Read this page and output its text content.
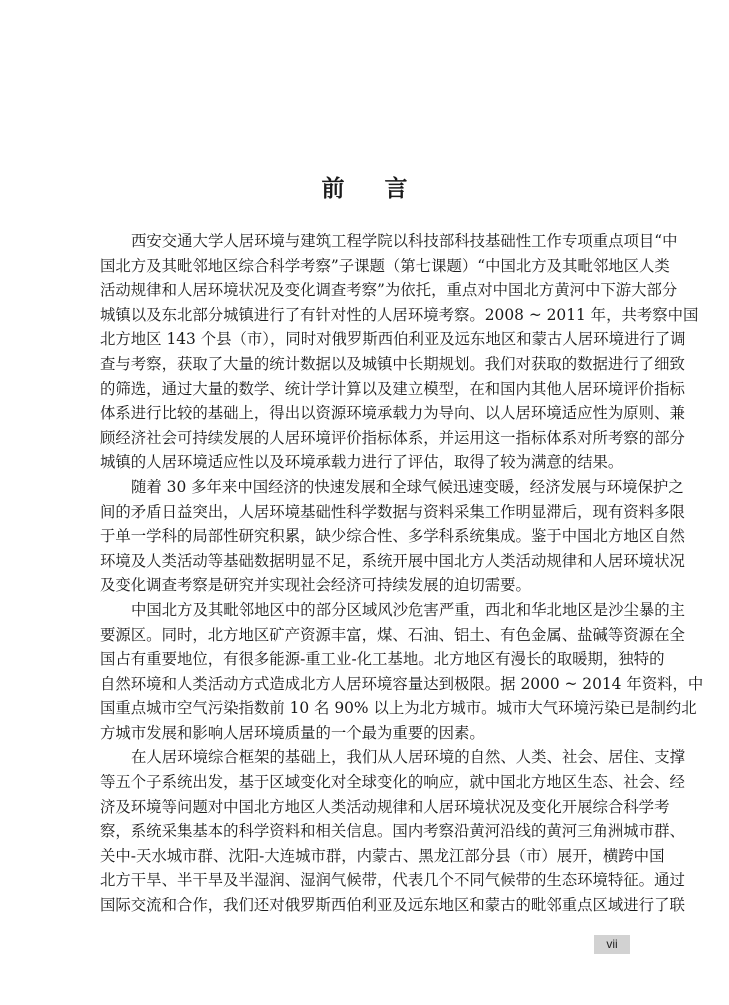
前言
西安交通大学人居环境与建筑工程学院以科技部科技基础性工作专项重点项目“中
国北方及其毗邻地区综合科学考察”子课题（第七课题）“中国北方及其毗邻地区人类
活动规律和人居环境状况及变化调查考察”为依托，重点对中国北方黄河中下游大部分
城镇以及东北部分城镇进行了有针对性的人居环境考察。2008 ~ 2011 年，共考察中国
北方地区 143 个县（市），同时对俄罗斯西伯利亚及远东地区和蒙古人居环境进行了调
查与考察，获取了大量的统计数据以及城镇中长期规划。我们对获取的数据进行了细致
的筛选，通过大量的数学、统计学计算以及建立模型，在和国内其他人居环境评价指标
体系进行比较的基础上，得出以资源环境承载力为导向、以人居环境适应性为原则、兼
顾经济社会可持续发展的人居环境评价指标体系，并运用这一指标体系对所考察的部分
城镇的人居环境适应性以及环境承载力进行了评估，取得了较为满意的结果。
随着 30 多年来中国经济的快速发展和全球气候迅速变暖，经济发展与环境保护之
间的矛盾日益突出，人居环境基础性科学数据与资料采集工作明显滞后，现有资料多限
于单一学科的局部性研究积累，缺少综合性、多学科系统集成。鉴于中国北方地区自然
环境及人类活动等基础数据明显不足，系统开展中国北方人类活动规律和人居环境状况
及变化调查考察是研究并实现社会经济可持续发展的迫切需要。
中国北方及其毗邻地区中的部分区域风沙危害严重，西北和华北地区是沙尘暴的主
要源区。同时，北方地区矿产资源丰富，煤、石油、铝土、有色金属、盐碱等资源在全
国占有重要地位，有很多能源-重工业-化工基地。北方地区有漫长的取暖期，独特的
自然环境和人类活动方式造成北方人居环境容量达到极限。据 2000 ~ 2014 年资料，中
国重点城市空气污染指数前 10 名 90% 以上为北方城市。城市大气环境污染已是制约北
方城市发展和影响人居环境质量的一个最为重要的因素。
在人居环境综合框架的基础上，我们从人居环境的自然、人类、社会、居住、支撑
等五个子系统出发，基于区域变化对全球变化的响应，就中国北方地区生态、社会、经
济及环境等问题对中国北方地区人类活动规律和人居环境状况及变化开展综合科学考
察，系统采集基本的科学资料和相关信息。国内考察沿黄河沿线的黄河三角洲城市群、
关中-天水城市群、沈阳-大连城市群，内蒙古、黑龙江部分县（市）展开，横跨中国
北方干旱、半干旱及半湿润、湿润气候带，代表几个不同气候带的生态环境特征。通过
国际交流和合作，我们还对俄罗斯西伯利亚及远东地区和蒙古的毗邻重点区域进行了联
vii
